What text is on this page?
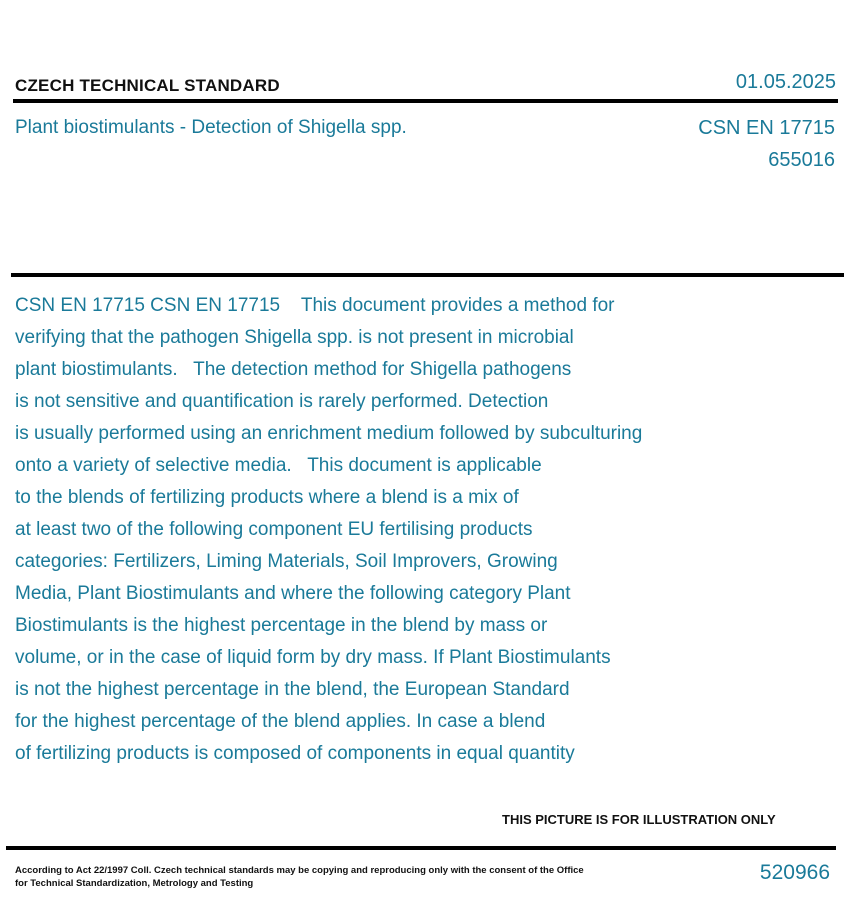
CZECH TECHNICAL STANDARD	01.05.2025
Plant biostimulants - Detection of Shigella spp.	CSN EN 17715
655016
CSN EN 17715 CSN EN 17715    This document provides a method for
verifying that the pathogen Shigella spp. is not present in microbial
plant biostimulants.   The detection method for Shigella pathogens
is not sensitive and quantification is rarely performed. Detection
is usually performed using an enrichment medium followed by subculturing
onto a variety of selective media.   This document is applicable
to the blends of fertilizing products where a blend is a mix of
at least two of the following component EU fertilising products
categories: Fertilizers, Liming Materials, Soil Improvers, Growing
Media, Plant Biostimulants and where the following category Plant
Biostimulants is the highest percentage in the blend by mass or
volume, or in the case of liquid form by dry mass. If Plant Biostimulants
is not the highest percentage in the blend, the European Standard
for the highest percentage of the blend applies. In case a blend
of fertilizing products is composed of components in equal quantity
THIS PICTURE IS FOR ILLUSTRATION ONLY
According to Act 22/1997 Coll. Czech technical standards may be copying and reproducing only with the consent of the Office
for Technical Standardization, Metrology and Testing	520966
